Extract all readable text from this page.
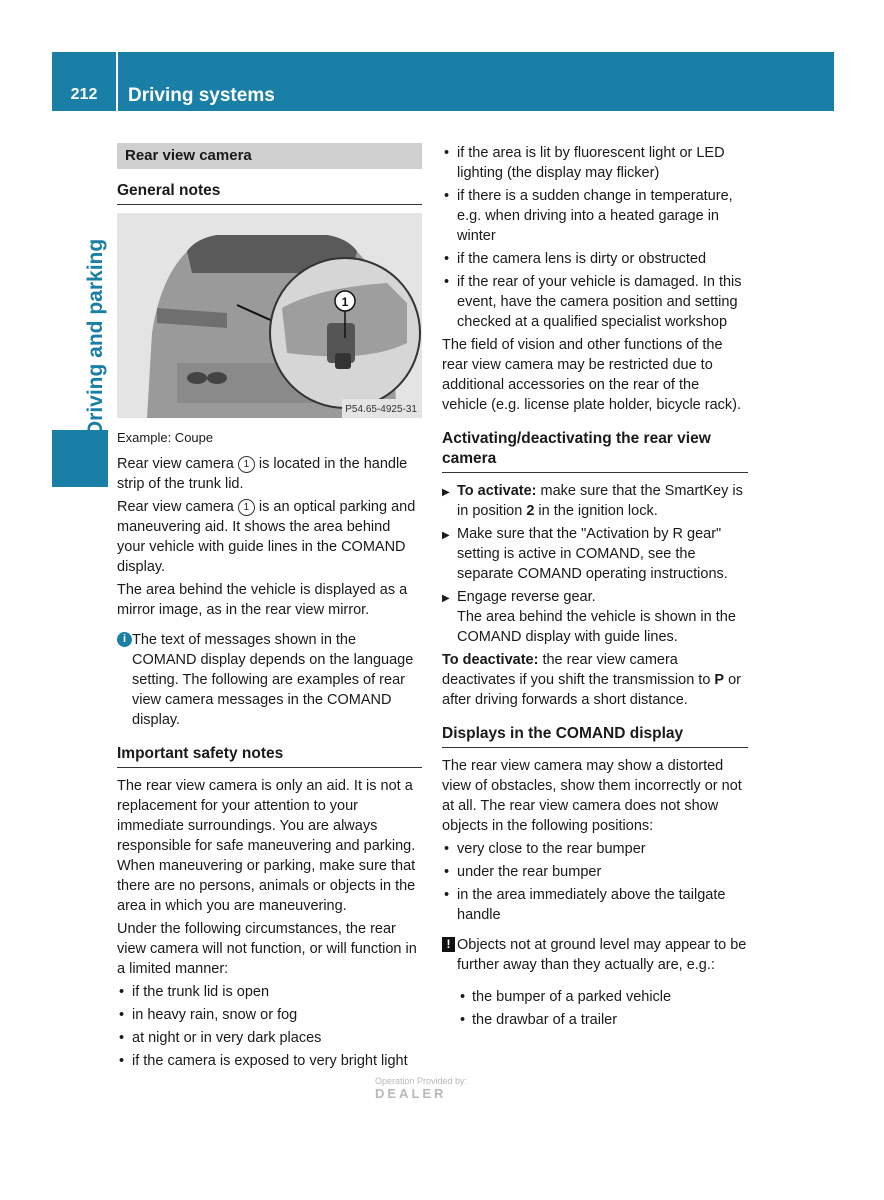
212	Driving systems
Driving and parking
Rear view camera
General notes
1
P54.65-4925-31
Example: Coupe

Rear view camera 1 is located in the handle strip of the trunk lid.

Rear view camera 1 is an optical parking and maneuvering aid. It shows the area behind your vehicle with guide lines in the COMAND display.

The area behind the vehicle is displayed as a mirror image, as in the rear view mirror.

i The text of messages shown in the COMAND display depends on the language setting. The following are examples of rear view camera messages in the COMAND display.
Important safety notes

The rear view camera is only an aid. It is not a replacement for your attention to your immediate surroundings. You are always responsible for safe maneuvering and parking. When maneuvering or parking, make sure that there are no persons, animals or objects in the area in which you are maneuvering.

Under the following circumstances, the rear view camera will not function, or will function in a limited manner:

• if the trunk lid is open
• in heavy rain, snow or fog
• at night or in very dark places
• if the camera is exposed to very bright light
• if the area is lit by fluorescent light or LED lighting (the display may flicker)
• if there is a sudden change in temperature, e.g. when driving into a heated garage in winter
• if the camera lens is dirty or obstructed
• if the rear of your vehicle is damaged. In this event, have the camera position and setting checked at a qualified specialist workshop

The field of vision and other functions of the rear view camera may be restricted due to additional accessories on the rear of the vehicle (e.g. license plate holder, bicycle rack).

Activating/deactivating the rear view camera
▶ To activate: make sure that the SmartKey is in position 2 in the ignition lock.
▶ Make sure that the "Activation by R gear" setting is active in COMAND, see the separate COMAND operating instructions.
▶ Engage reverse gear.
The area behind the vehicle is shown in the COMAND display with guide lines.

To deactivate: the rear view camera deactivates if you shift the transmission to P or after driving forwards a short distance.

Displays in the COMAND display

The rear view camera may show a distorted view of obstacles, show them incorrectly or not at all. The rear view camera does not show objects in the following positions:

• very close to the rear bumper
• under the rear bumper
• in the area immediately above the tailgate handle
! Objects not at ground level may appear to be further away than they actually are, e.g.:
• the bumper of a parked vehicle
• the drawbar of a trailer
Operation Provided by:
DEALER
